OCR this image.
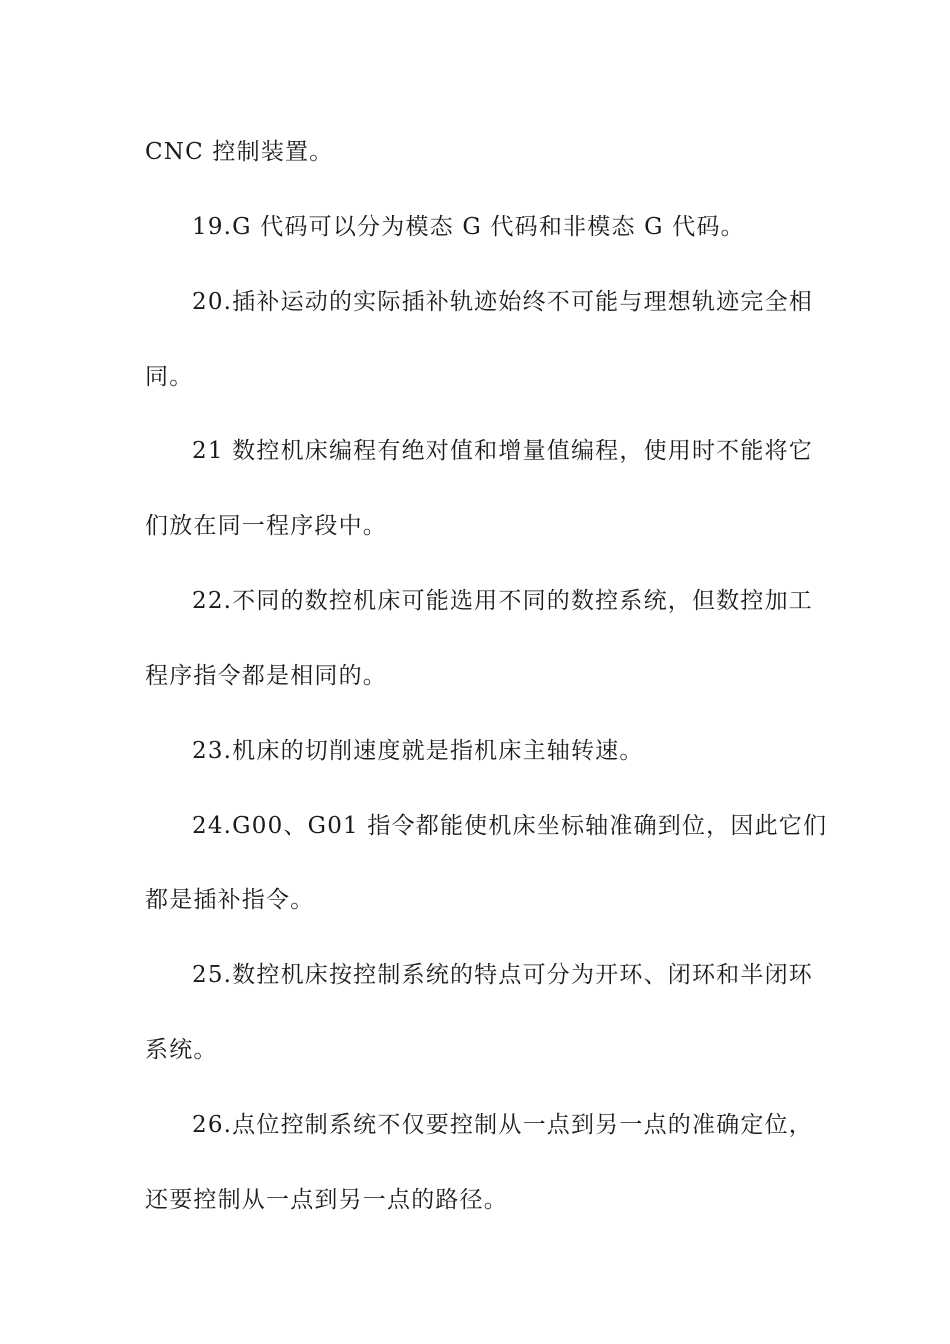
CNC 控制装置。
19.G 代码可以分为模态 G 代码和非模态 G 代码。
20.插补运动的实际插补轨迹始终不可能与理想轨迹完全相
同。
21 数控机床编程有绝对值和增量值编程，使用时不能将它
们放在同一程序段中。
22.不同的数控机床可能选用不同的数控系统，但数控加工
程序指令都是相同的。
23.机床的切削速度就是指机床主轴转速。
24.G00、G01 指令都能使机床坐标轴准确到位，因此它们
都是插补指令。
25.数控机床按控制系统的特点可分为开环、闭环和半闭环
系统。
26.点位控制系统不仅要控制从一点到另一点的准确定位，
还要控制从一点到另一点的路径。
